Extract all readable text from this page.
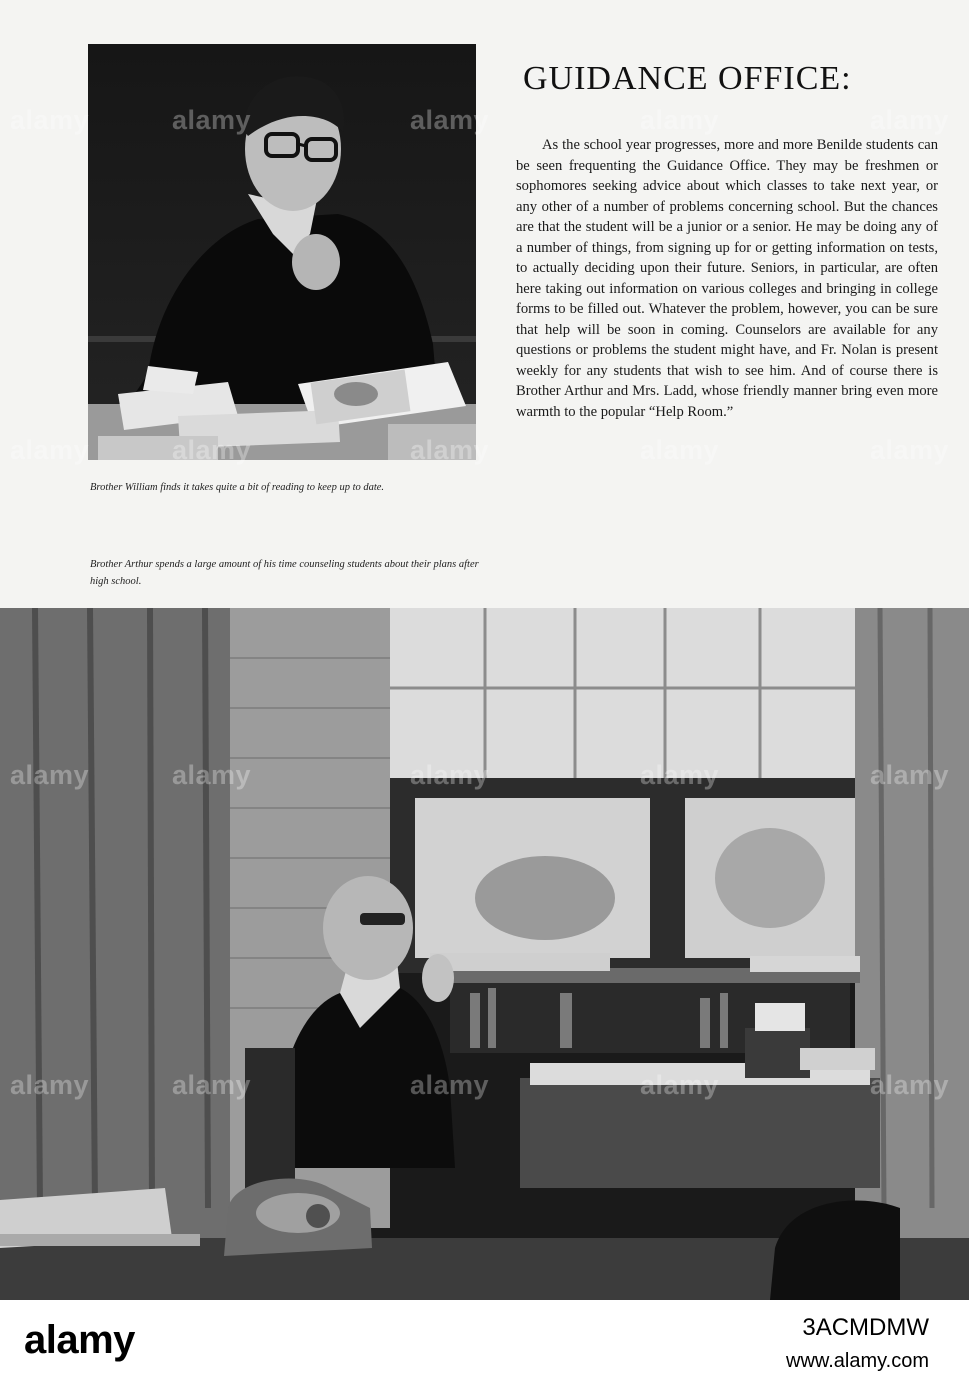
Brother William finds it takes quite a bit of reading to keep up to date.
Brother Arthur spends a large amount of his time counseling students about their plans after high school.
GUIDANCE OFFICE:

As the school year progresses, more and more Benilde students can be seen frequenting the Guidance Office. They may be freshmen or sophomores seeking advice about which classes to take next year, or any other of a number of problems concerning school. But the chances are that the student will be a junior or a senior. He may be doing any of a number of things, from signing up for or getting information on tests, to actually deciding upon their future. Seniors, in particular, are often here taking out information on various colleges and bringing in college forms to be filled out. Whatever the problem, however, you can be sure that help will be soon in coming. Counselors are available for any questions or problems the student might have, and Fr. Nolan is present weekly for any students that wish to see him. And of course there is Brother Arthur and Mrs. Ladd, whose friendly manner bring even more warmth to the popular “Help Room.”

alamy	alamy	alamy	alamy	alamy
alamy	alamy	alamy	alamy	alamy
alamy	alamy	alamy	alamy	alamy
alamy	alamy	alamy	alamy	alamy
alamy	3ACMDMW
www.alamy.com
